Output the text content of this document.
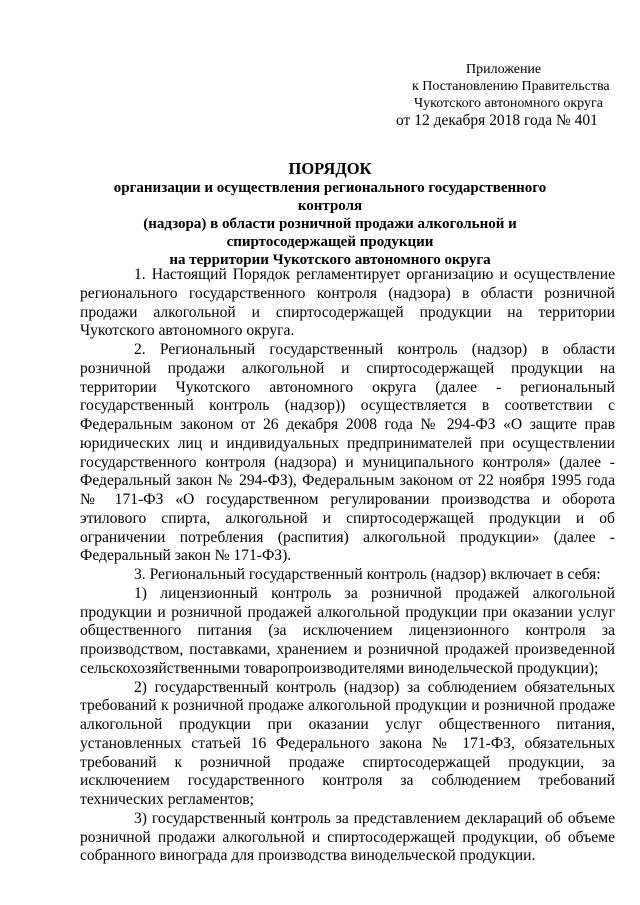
Приложение
к Постановлению Правительства
Чукотского автономного округа
от 12 декабря 2018 года № 401
ПОРЯДОК
организации и осуществления регионального государственного контроля
(надзора) в области розничной продажи алкогольной и
спиртосодержащей продукции
на территории Чукотского автономного округа

1. Настоящий Порядок регламентирует организацию и осуществление регионального государственного контроля (надзора) в области розничной продажи алкогольной и спиртосодержащей продукции на территории Чукотского автономного округа.

2. Региональный государственный контроль (надзор) в области розничной продажи алкогольной и спиртосодержащей продукции на территории Чукотского автономного округа (далее - региональный государственный контроль (надзор)) осуществляется в соответствии с Федеральным законом от 26 декабря 2008 года № 294-ФЗ «О защите прав юридических лиц и индивидуальных предпринимателей при осуществлении государственного контроля (надзора) и муниципального контроля» (далее - Федеральный закон № 294-ФЗ), Федеральным законом от 22 ноября 1995 года № 171-ФЗ «О государственном регулировании производства и оборота этилового спирта, алкогольной и спиртосодержащей продукции и об ограничении потребления (распития) алкогольной продукции» (далее - Федеральный закон № 171-ФЗ).

3. Региональный государственный контроль (надзор) включает в себя:

1) лицензионный контроль за розничной продажей алкогольной продукции и розничной продажей алкогольной продукции при оказании услуг общественного питания (за исключением лицензионного контроля за производством, поставками, хранением и розничной продажей произведенной сельскохозяйственными товаропроизводителями винодельческой продукции);

2) государственный контроль (надзор) за соблюдением обязательных требований к розничной продаже алкогольной продукции и розничной продаже алкогольной продукции при оказании услуг общественного питания, установленных статьей 16 Федерального закона № 171-ФЗ, обязательных требований к розничной продаже спиртосодержащей продукции, за исключением государственного контроля за соблюдением требований технических регламентов;

3) государственный контроль за представлением деклараций об объеме розничной продажи алкогольной и спиртосодержащей продукции, об объеме собранного винограда для производства винодельческой продукции.
